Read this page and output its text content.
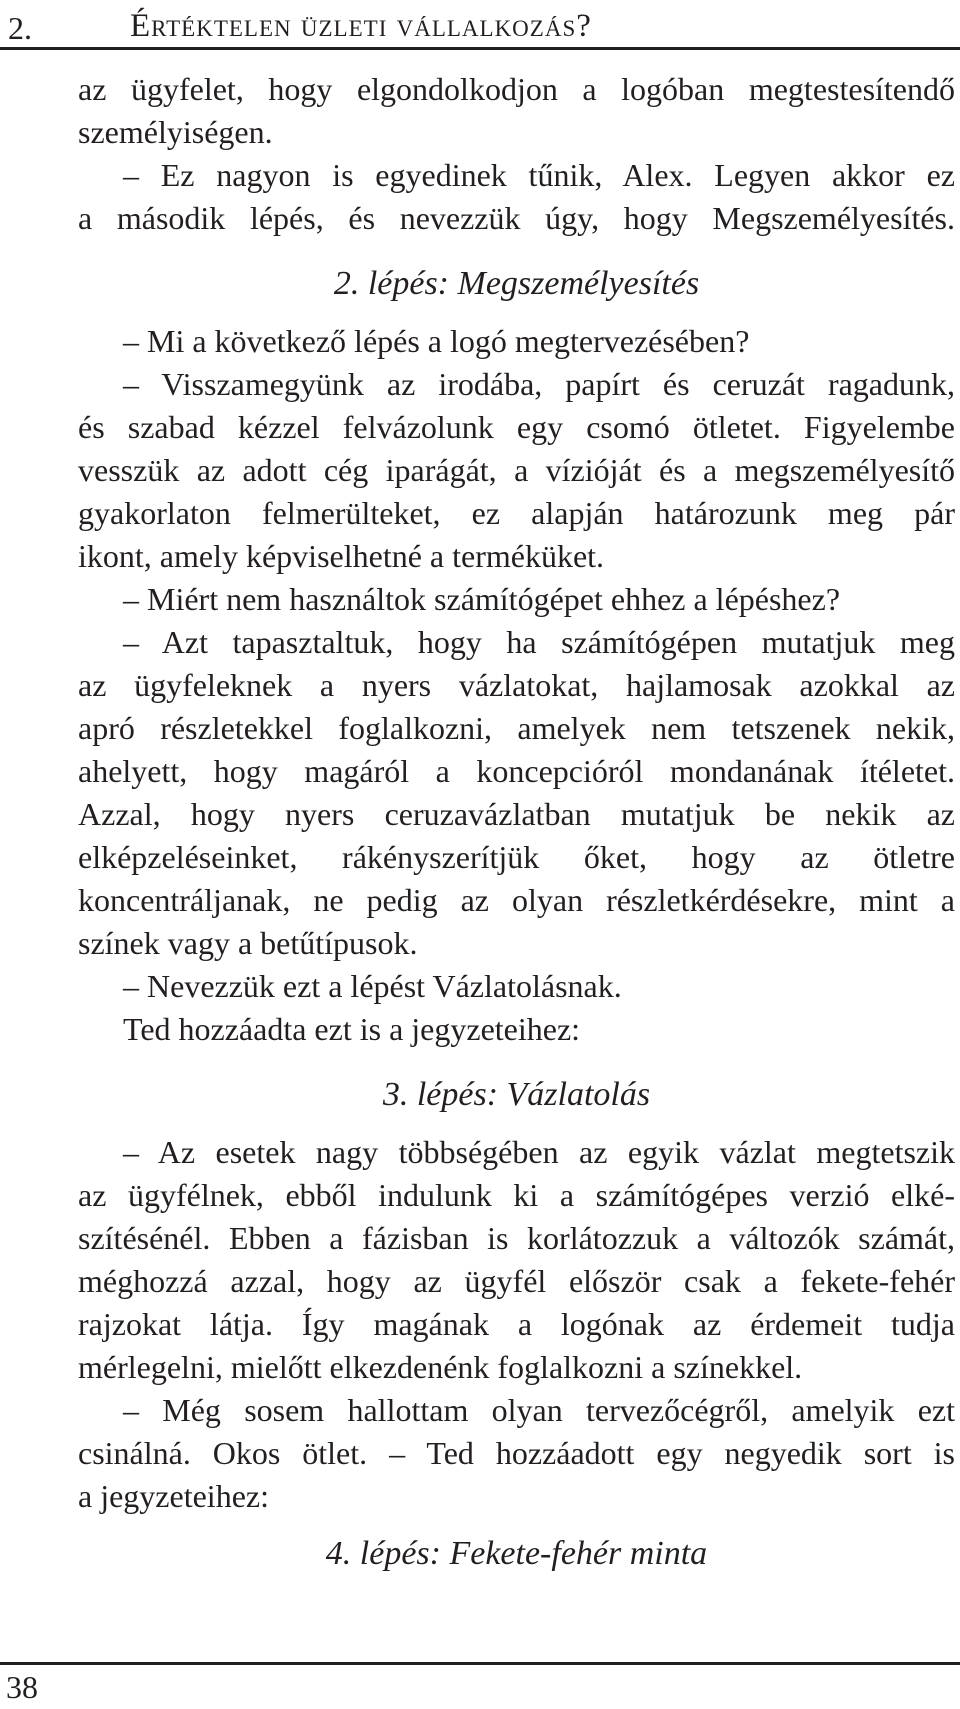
2.	Értéktelen üzleti vállalkozás?
az ügyfelet, hogy elgondolkodjon a logóban megtestesítendő
személyiségen.
– Ez nagyon is egyedinek tűnik, Alex. Legyen akkor ez
a második lépés, és nevezzük úgy, hogy Megszemélyesítés.
2. lépés: Megszemélyesítés
– Mi a következő lépés a logó megtervezésében?
– Visszamegyünk az irodába, papírt és ceruzát ragadunk,
és szabad kézzel felvázolunk egy csomó ötletet. Figyelembe
vesszük az adott cég iparágát, a vízióját és a megszemélyesítő
gyakorlaton felmerülteket, ez alapján határozunk meg pár
ikont, amely képviselhetné a terméküket.
– Miért nem használtok számítógépet ehhez a lépéshez?
– Azt tapasztaltuk, hogy ha számítógépen mutatjuk meg
az ügyfeleknek a nyers vázlatokat, hajlamosak azokkal az
apró részletekkel foglalkozni, amelyek nem tetszenek nekik,
ahelyett, hogy magáról a koncepcióról mondanának ítéletet.
Azzal, hogy nyers ceruzavázlatban mutatjuk be nekik az
elképzeléseinket, rákényszerítjük őket, hogy az ötletre
koncentráljanak, ne pedig az olyan részletkérdésekre, mint a
színek vagy a betűtípusok.
– Nevezzük ezt a lépést Vázlatolásnak.
Ted hozzáadta ezt is a jegyzeteihez:
3. lépés: Vázlatolás
– Az esetek nagy többségében az egyik vázlat megtetszik
az ügyfélnek, ebből indulunk ki a számítógépes verzió elké-
szítésénél. Ebben a fázisban is korlátozzuk a változók számát,
méghozzá azzal, hogy az ügyfél először csak a fekete-fehér
rajzokat látja. Így magának a logónak az érdemeit tudja
mérlegelni, mielőtt elkezdenénk foglalkozni a színekkel.
– Még sosem hallottam olyan tervezőcégről, amelyik ezt
csinálná. Okos ötlet. – Ted hozzáadott egy negyedik sort is
a jegyzeteihez:
4. lépés: Fekete-fehér minta
38
